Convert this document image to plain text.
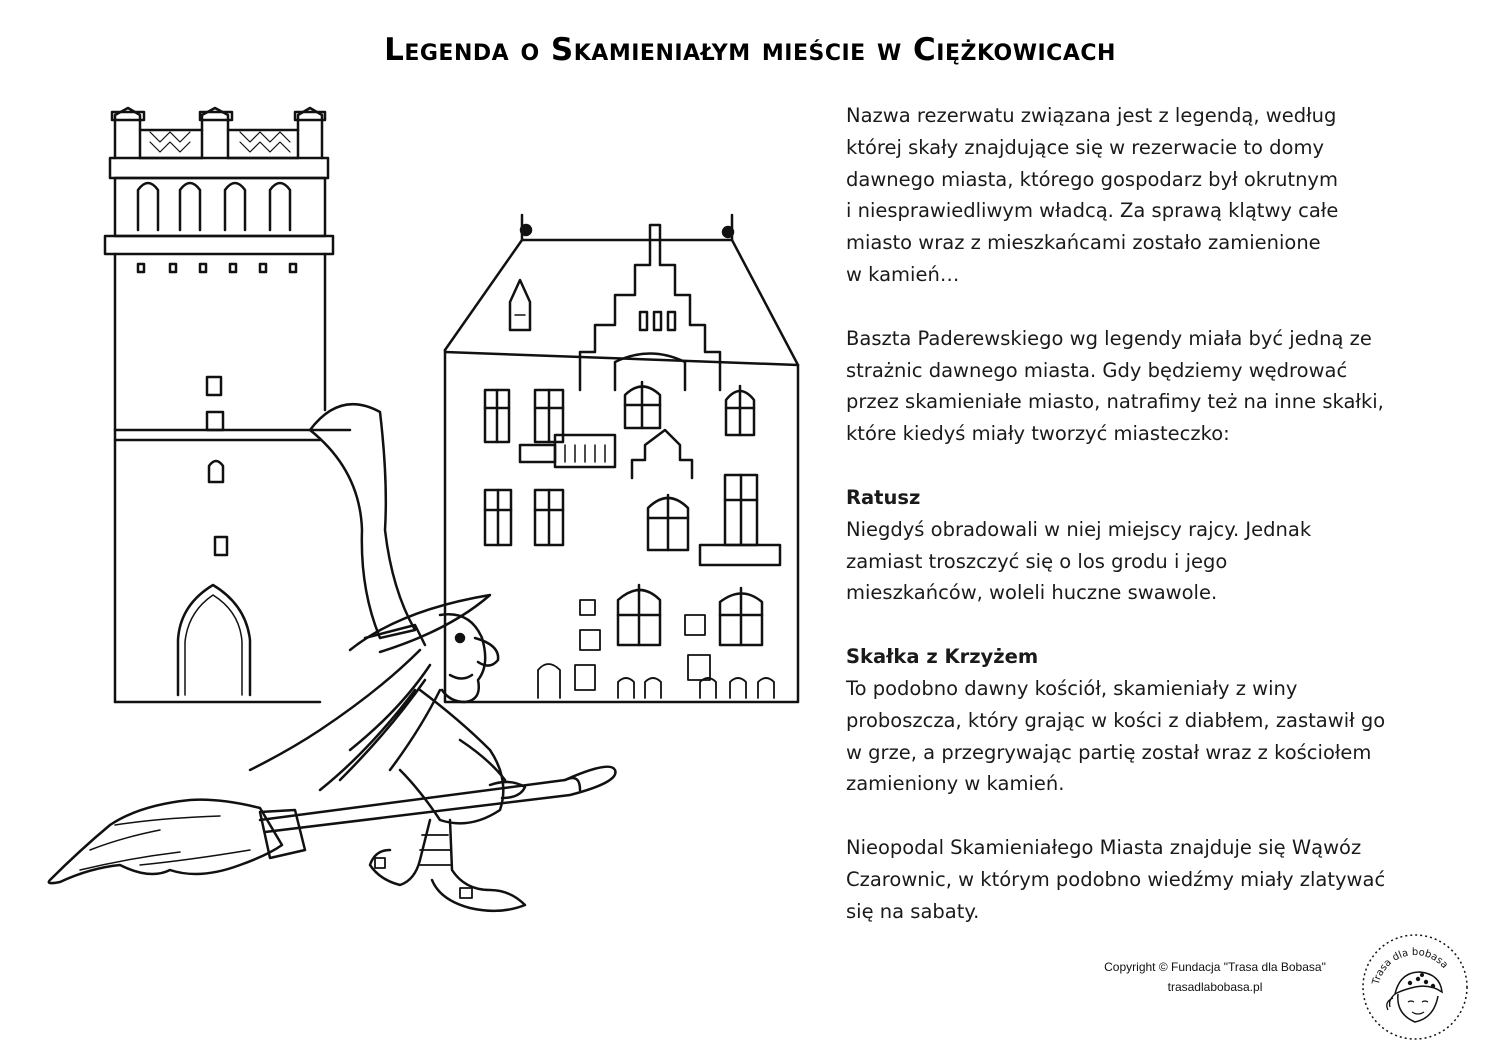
Legenda o Skamieniałym mieście w Ciężkowicach

Nazwa rezerwatu związana jest z legendą, według

której skały znajdujące się w rezerwacie to domy

dawnego miasta, którego gospodarz był okrutnym

i niesprawiedliwym władcą. Za sprawą klątwy całe

miasto wraz z mieszkańcami zostało zamienione

w kamień…

Baszta Paderewskiego wg legendy miała być jedną ze

strażnic dawnego miasta. Gdy będziemy wędrować

przez skamieniałe miasto, natrafimy też na inne skałki,

które kiedyś miały tworzyć miasteczko:

Ratusz

Niegdyś obradowali w niej miejscy rajcy. Jednak

zamiast troszczyć się o los grodu i jego

mieszkańców, woleli huczne swawole.

Skałka z Krzyżem

To podobno dawny kościół, skamieniały z winy

proboszcza, który grając w kości z diabłem, zastawił go

w grze, a przegrywając partię został wraz z kościołem

zamieniony w kamień.

Nieopodal Skamieniałego Miasta znajduje się Wąwóz

Czarownic, w którym podobno wiedźmy miały zlatywać

się na sabaty.

Copyright © Fundacja "Trasa dla Bobasa"
trasadlabobasa.pl	Trasa dla bobasa
